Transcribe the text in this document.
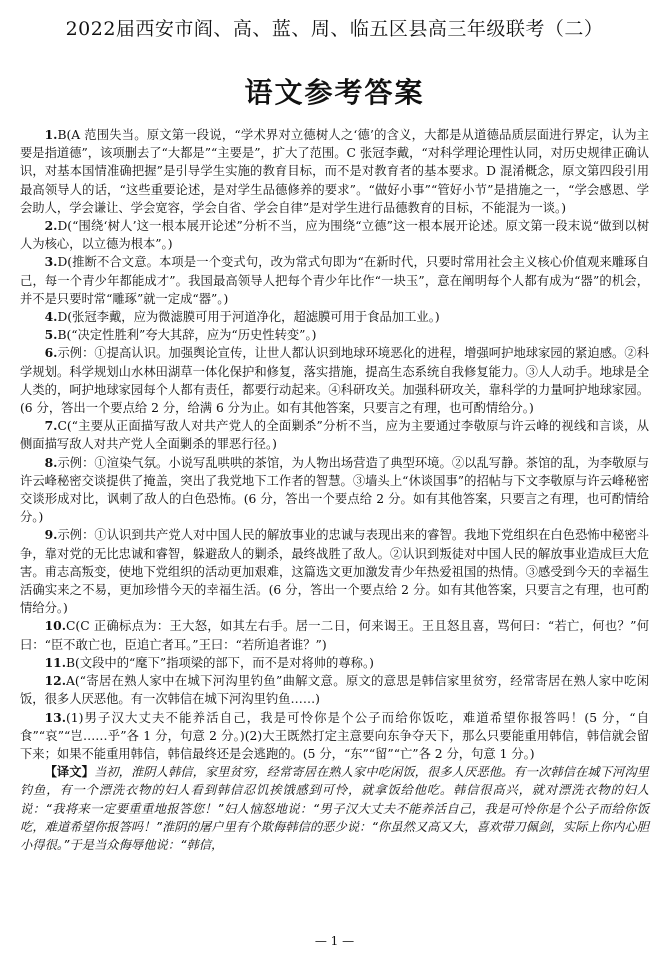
2022届西安市阎、高、蓝、周、临五区县高三年级联考（二）
语文参考答案

1.B(A 范围失当。原文第一段说，“学术界对立德树人之‘德’的含义，大都是从道德品质层面进行界定，认为主要是指道德”，该项删去了“大都是”“主要是”，扩大了范围。C 张冠李戴，“对科学理论理性认同，对历史规律正确认识，对基本国情准确把握”是引导学生实施的教育目标，而不是对教育者的基本要求。D 混淆概念，原文第四段引用最高领导人的话，“这些重要论述，是对学生品德修养的要求”。“做好小事”“管好小节”是措施之一，“学会感恩、学会助人，学会谦让、学会宽容，学会自省、学会自律”是对学生进行品德教育的目标，不能混为一谈。)

2.D(“围绕‘树人’这一根本展开论述”分析不当，应为围绕“立德”这一根本展开论述。原文第一段末说“做到以树人为核心，以立德为根本”。)

3.D(推断不合文意。本项是一个变式句，改为常式句即为“在新时代，只要时常用社会主义核心价值观来雕琢自己，每一个青少年都能成才”。我国最高领导人把每个青少年比作“一块玉”，意在阐明每个人都有成为“器”的机会，并不是只要时常“雕琢”就一定成“器”。)

4.D(张冠李戴，应为微滤膜可用于河道净化，超滤膜可用于食品加工业。)

5.B(“决定性胜利”夸大其辞，应为“历史性转变”。)

6.示例：①提高认识。加强舆论宣传，让世人都认识到地球环境恶化的进程，增强呵护地球家园的紧迫感。②科学规划。科学规划山水林田湖草一体化保护和修复，落实措施，提高生态系统自我修复能力。③人人动手。地球是全人类的，呵护地球家园每个人都有责任，都要行动起来。④科研攻关。加强科研攻关，靠科学的力量呵护地球家园。(6 分，答出一个要点给 2 分，给满 6 分为止。如有其他答案，只要言之有理，也可酌情给分。)

7.C(“主要从正面描写敌人对共产党人的全面剿杀”分析不当，应为主要通过李敬原与许云峰的视线和言谈，从侧面描写敌人对共产党人全面剿杀的罪恶行径。)

8.示例：①渲染气氛。小说写乱哄哄的茶馆，为人物出场营造了典型环境。②以乱写静。茶馆的乱，为李敬原与许云峰秘密交谈提供了掩盖，突出了我党地下工作者的智慧。③墙头上“休谈国事”的招帖与下文李敬原与许云峰秘密交谈形成对比，讽刺了敌人的白色恐怖。(6 分，答出一个要点给 2 分。如有其他答案，只要言之有理，也可酌情给分。)

9.示例：①认识到共产党人对中国人民的解放事业的忠诚与表现出来的睿智。我地下党组织在白色恐怖中秘密斗争，靠对党的无比忠诚和睿智，躲避敌人的剿杀，最终战胜了敌人。②认识到叛徒对中国人民的解放事业造成巨大危害。甫志高叛变，使地下党组织的活动更加艰难，这篇选文更加激发青少年热爱祖国的热情。③感受到今天的幸福生活确实来之不易，更加珍惜今天的幸福生活。(6 分，答出一个要点给 2 分。如有其他答案，只要言之有理，也可酌情给分。)

10.C(C 正确标点为：王大怒，如其左右手。居一二日，何来谒王。王且怒且喜，骂何曰：“若亡，何也？”何曰：“臣不敢亡也，臣追亡者耳。”王曰：“若所追者谁？”)

11.B(文段中的“麾下”指项梁的部下，而不是对将帅的尊称。)

12.A(“寄居在熟人家中在城下河沟里钓鱼”曲解文意。原文的意思是韩信家里贫穷，经常寄居在熟人家中吃闲饭，很多人厌恶他。有一次韩信在城下河沟里钓鱼……)

13.(1)男子汉大丈夫不能养活自己，我是可怜你是个公子而给你饭吃，难道希望你报答吗！(5 分，“自食”“哀”“岂……乎”各 1 分，句意 2 分。)(2)大王既然打定主意要向东争夺天下，那么只要能重用韩信，韩信就会留下来；如果不能重用韩信，韩信最终还是会逃跑的。(5 分，“东”“留”“亡”各 2 分，句意 1 分。)

【译文】当初，淮阴人韩信，家里贫穷，经常寄居在熟人家中吃闲饭，很多人厌恶他。有一次韩信在城下河沟里钓鱼，有一个漂洗衣物的妇人看到韩信忍饥挨饿感到可怜，就拿饭给他吃。韩信很高兴，就对漂洗衣物的妇人说：“我将来一定要重重地报答您！”妇人恼怒地说：“男子汉大丈夫不能养活自己，我是可怜你是个公子而给你饭吃，难道希望你报答吗！”淮阴的屠户里有个欺侮韩信的恶少说：“你虽然又高又大，喜欢带刀佩剑，实际上你内心胆小得很。”于是当众侮辱他说：“韩信，

— 1 —
